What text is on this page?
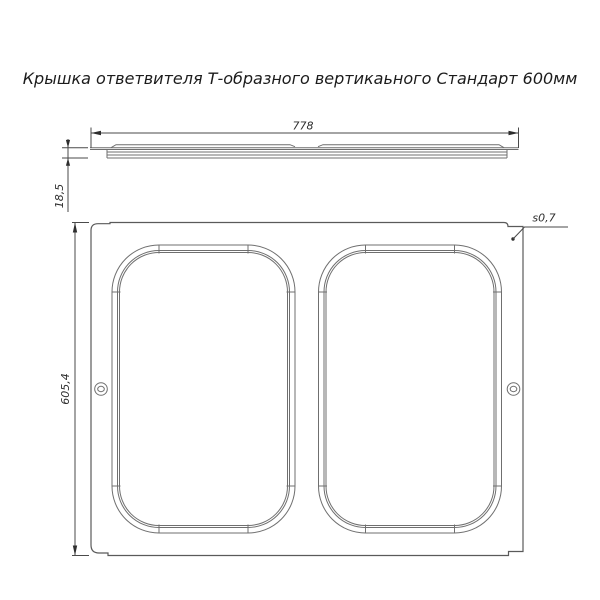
Крышка ответвителя Т-образного вертикаьного Стандарт 600мм
778
18,5
s0,7
605,4
